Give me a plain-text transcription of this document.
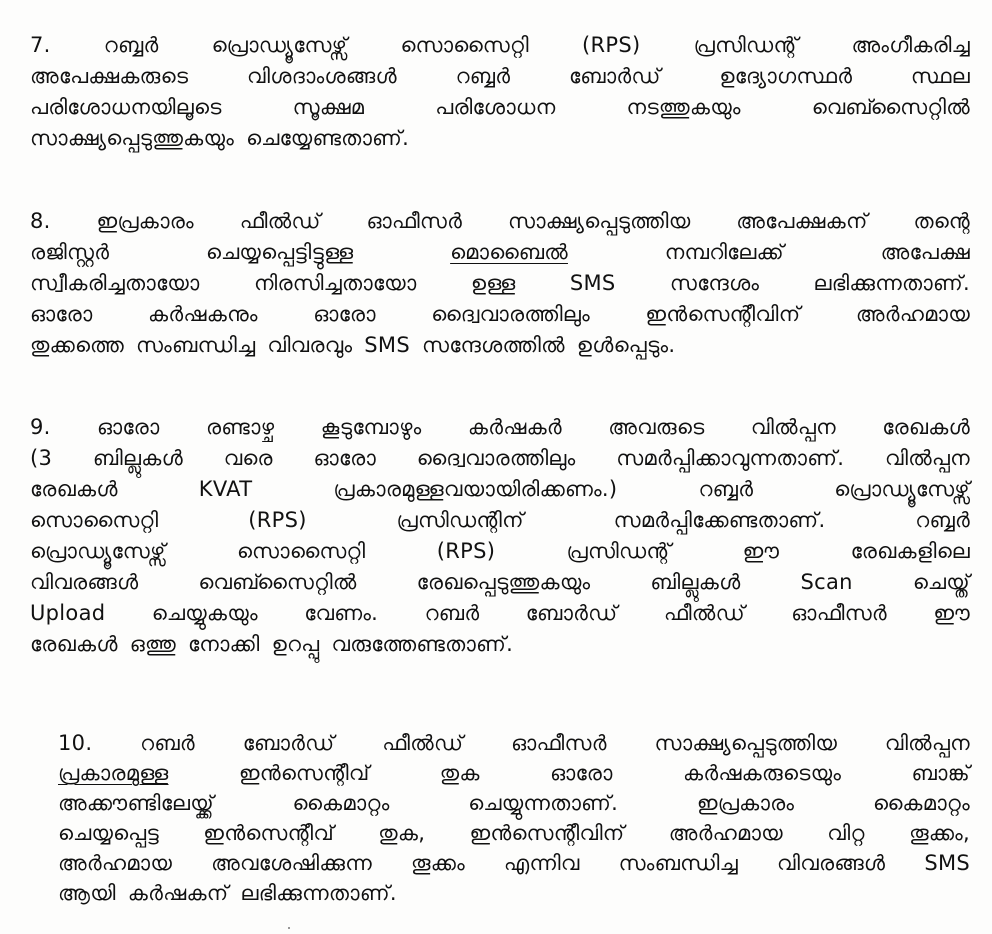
7.	റബ്ബർ	പ്രൊഡ്യൂസേഴ്സ്	സൊസൈറ്റി	(RPS)	പ്രസിഡന്റ്	അംഗീകരിച്ച
അപേക്ഷകരുടെ	വിശദാംശങ്ങൾ	റബ്ബർ	ബോർഡ്	ഉദ്യോഗസ്ഥർ	സ്ഥല
പരിശോധനയിലൂടെ	സൂക്ഷമ	പരിശോധന	നടത്തുകയും	വെബ്സൈറ്റിൽ
സാക്ഷ്യപ്പെടുത്തുകയും ചെയ്യേണ്ടതാണ്.
8. ഇപ്രകാരം ഫീൽഡ് ഓഫീസർ സാക്ഷ്യപ്പെടുത്തിയ അപേക്ഷകന് തന്റെ
രജിസ്റ്റർ	ചെയ്യപ്പെട്ടിട്ടുള്ള	മൊബൈൽ	നമ്പറിലേക്ക്	അപേക്ഷ
സ്വീകരിച്ചതായോ	നിരസിച്ചതായോ	ഉള്ള	SMS	സന്ദേശം	ലഭിക്കുന്നതാണ്.
ഓരോ	കർഷകനും	ഓരോ	ദ്വൈവാരത്തിലും	ഇൻസെന്റീവിന്	അർഹമായ
തുക്കത്തെ സംബന്ധിച്ച വിവരവും SMS സന്ദേശത്തിൽ ഉൾപ്പെടും.
9. ഓരോ രണ്ടാഴ്ച കൂടുമ്പോഴും കർഷകർ അവരുടെ വിൽപ്പന രേഖകൾ
(3 ബില്ലുകൾ വരെ ഓരോ ദ്വൈവാരത്തിലും സമർപ്പിക്കാവുന്നതാണ്. വിൽപ്പന
രേഖകൾ	KVAT	പ്രകാരമുള്ളവയായിരിക്കണം.)	റബ്ബർ	പ്രൊഡ്യൂസേഴ്സ്
സൊസൈറ്റി	(RPS)	പ്രസിഡന്റിന്	സമർപ്പിക്കേണ്ടതാണ്.	റബ്ബർ
പ്രൊഡ്യൂസേഴ്സ്	സൊസൈറ്റി	(RPS)	പ്രസിഡന്റ്	ഈ	രേഖകളിലെ
വിവരങ്ങൾ	വെബ്സൈറ്റിൽ	രേഖപ്പെടുത്തുകയും	ബില്ലുകൾ	Scan	ചെയ്ത്
Upload ചെയ്യുകയും വേണം. റബർ ബോർഡ് ഫീൽഡ് ഓഫീസർ ഈ
രേഖകൾ ഒത്തു നോക്കി ഉറപ്പു വരുത്തേണ്ടതാണ്.
10. റബർ ബോർഡ് ഫീൽഡ് ഓഫീസർ സാക്ഷ്യപ്പെടുത്തിയ വിൽപ്പന
പ്രകാരമുള്ള	ഇൻസെന്റീവ്	തുക	ഓരോ	കർഷകരുടെയും	ബാങ്ക്
അക്കൗണ്ടിലേയ്ക്ക്	കൈമാറ്റം	ചെയ്യുന്നതാണ്.	ഇപ്രകാരം	കൈമാറ്റം
ചെയ്യപ്പെട്ട ഇൻസെന്റീവ് തുക, ഇൻസെന്റീവിന് അർഹമായ വിറ്റ തൂക്കം,
അർഹമായ അവശേഷിക്കുന്ന തൂക്കം എന്നിവ സംബന്ധിച്ച വിവരങ്ങൾ SMS
ആയി കർഷകന് ലഭിക്കുന്നതാണ്.
